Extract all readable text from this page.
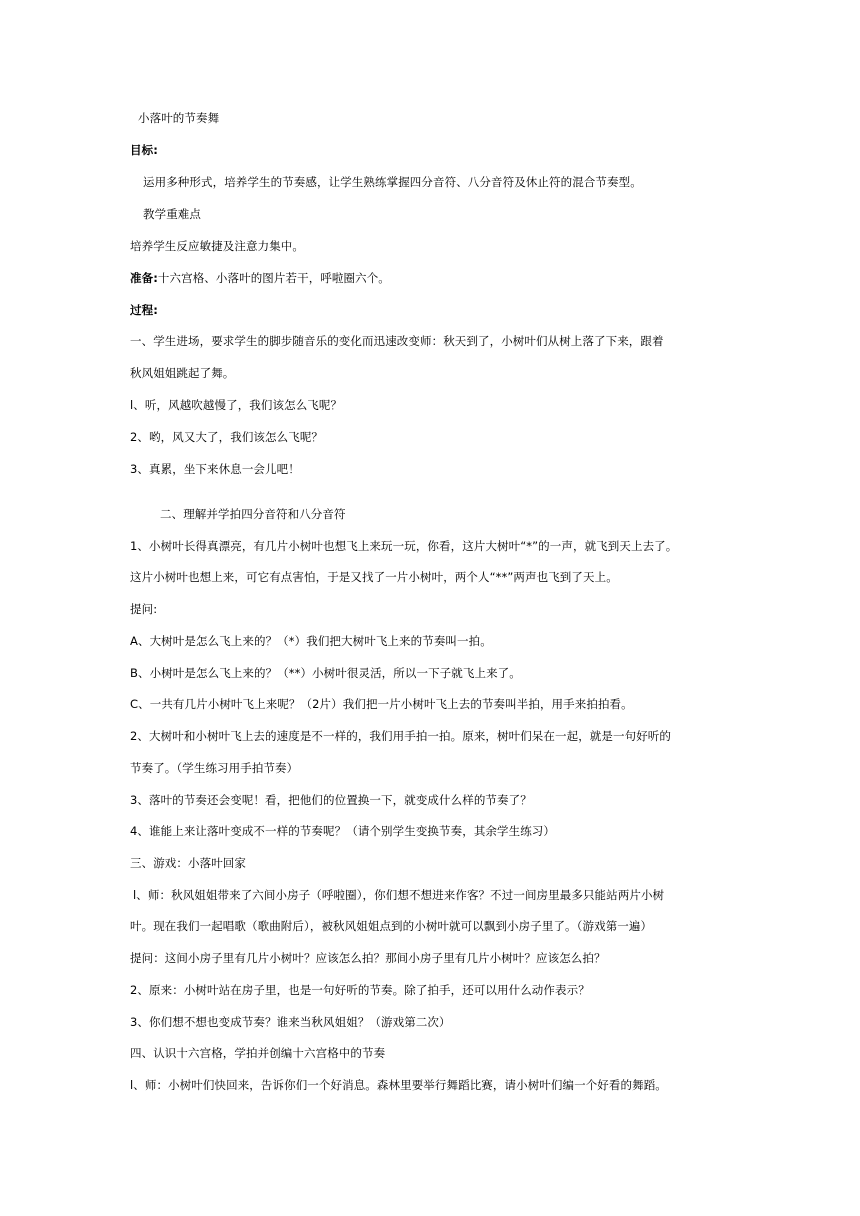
小落叶的节奏舞
目标:
运用多种形式，培养学生的节奏感，让学生熟练掌握四分音符、八分音符及休止符的混合节奏型。
教学重难点
培养学生反应敏捷及注意力集中。
准备:十六宫格、小落叶的图片若干，呼啦圈六个。
过程:
一、学生进场，要求学生的脚步随音乐的变化而迅速改变师：秋天到了，小树叶们从树上落了下来，跟着
秋风姐姐跳起了舞。
l、听，风越吹越慢了，我们该怎么飞呢？
2、哟，风又大了，我们该怎么飞呢？
3、真累，坐下来休息一会儿吧！
二、理解并学拍四分音符和八分音符
1、小树叶长得真漂亮，有几片小树叶也想飞上来玩一玩，你看，这片大树叶“*”的一声，就飞到天上去了。
这片小树叶也想上来，可它有点害怕，于是又找了一片小树叶，两个人“**”两声也飞到了天上。
提问:
A、大树叶是怎么飞上来的？（*）我们把大树叶飞上来的节奏叫一拍。
B、小树叶是怎么飞上来的？（**）小树叶很灵活，所以一下子就飞上来了。
C、一共有几片小树叶飞上来呢？（2片）我们把一片小树叶飞上去的节奏叫半拍，用手来拍拍看。
2、大树叶和小树叶飞上去的速度是不一样的，我们用手拍一拍。原来，树叶们呆在一起，就是一句好听的
节奏了。（学生练习用手拍节奏）
3、落叶的节奏还会变呢！看，把他们的位置换一下，就变成什么样的节奏了？
4、谁能上来让落叶变成不一样的节奏呢？（请个别学生变换节奏，其余学生练习）
三、游戏：小落叶回家
l、师：秋风姐姐带来了六间小房子（呼啦圈），你们想不想进来作客？不过一间房里最多只能站两片小树
叶。现在我们一起唱歌（歌曲附后），被秋风姐姐点到的小树叶就可以飘到小房子里了。（游戏第一遍）
提问：这间小房子里有几片小树叶？应该怎么拍？那间小房子里有几片小树叶？应该怎么拍？
2、原来：小树叶站在房子里，也是一句好听的节奏。除了拍手，还可以用什么动作表示？
3、你们想不想也变成节奏？谁来当秋风姐姐？（游戏第二次）
四、认识十六宫格，学拍并创编十六宫格中的节奏
l、师：小树叶们快回来，告诉你们一个好消息。森林里要举行舞蹈比赛，请小树叶们编一个好看的舞蹈。
